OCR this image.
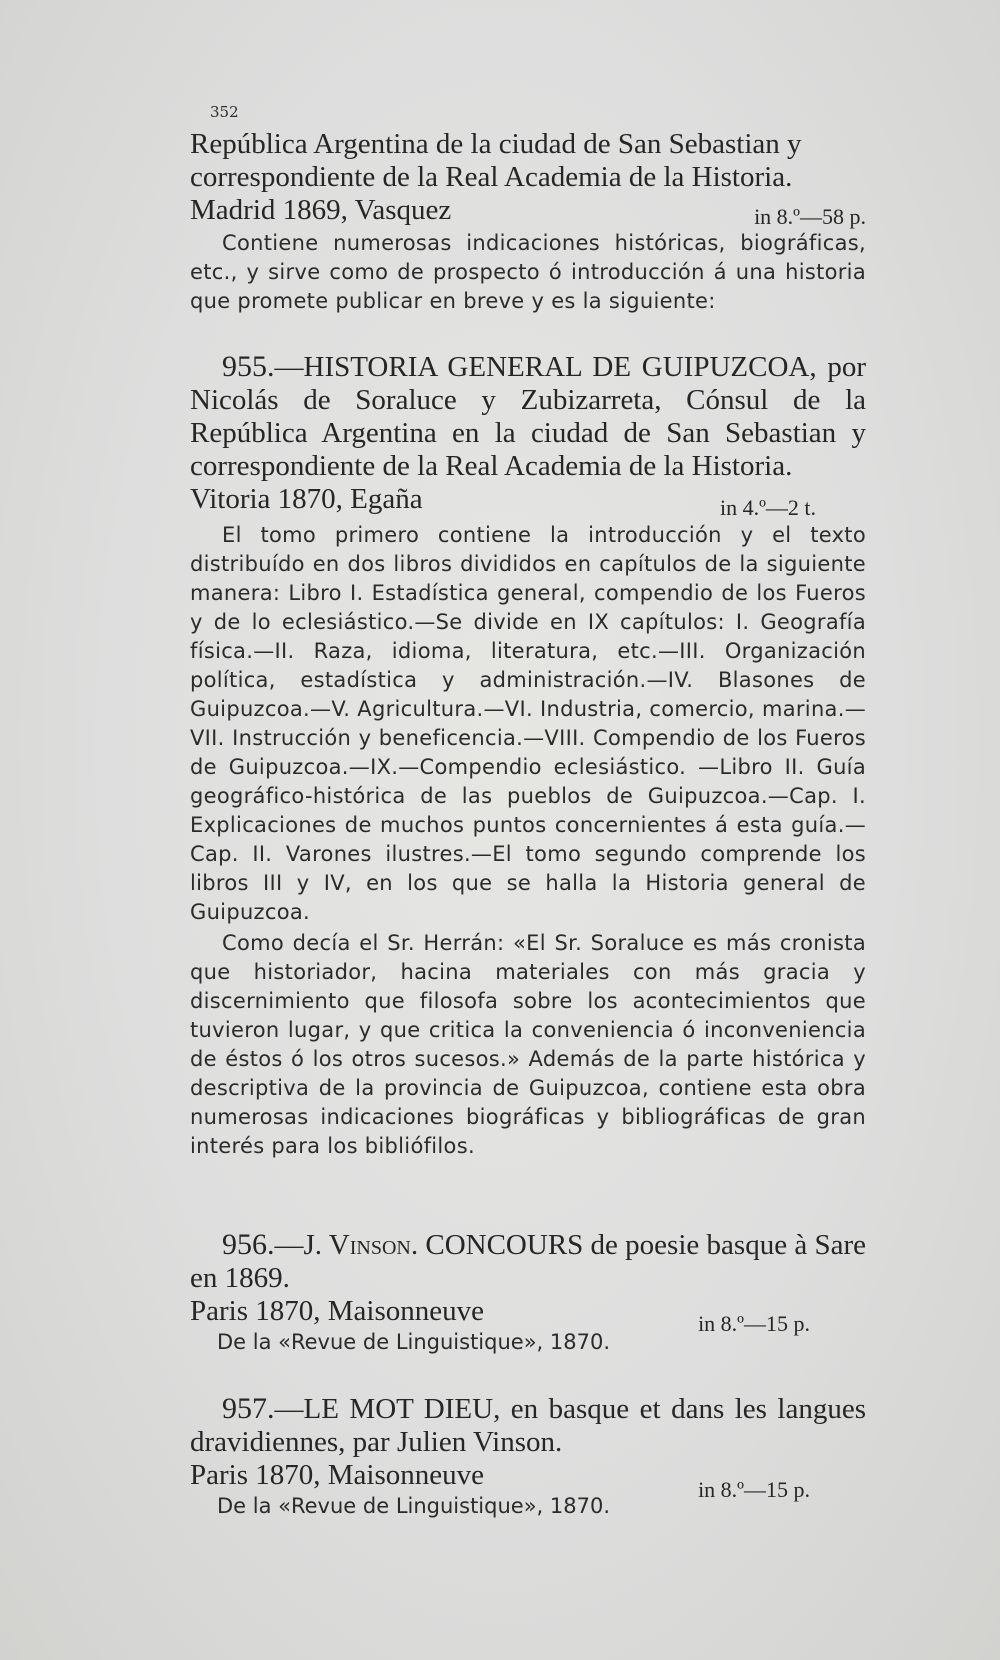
352
República Argentina de la ciudad de San Sebastian y
correspondiente de la Real Academia de la Historia.
Madrid 1869, Vasquez	in 8.º—58 p.
Contiene numerosas indicaciones históricas, biográficas, etc., y sirve como de prospecto ó introducción á una historia que promete publicar en breve y es la siguiente:
955.—HISTORIA GENERAL DE GUIPUZCOA, por Nicolás de Soraluce y Zubizarreta, Cónsul de la República Argentina en la ciudad de San Sebastian y correspondiente de la Real Academia de la Historia.
Vitoria 1870, Egaña	in 4.º—2 t.
El tomo primero contiene la introducción y el texto distribuído en dos libros divididos en capítulos de la siguiente manera: Libro I. Estadística general, compendio de los Fueros y de lo eclesiástico.—Se divide en IX capítulos: I. Geografía física.—II. Raza, idioma, literatura, etc.—III. Organización política, estadística y administración.—IV. Blasones de Guipuzcoa.—V. Agricultura.—VI. Industria, comercio, marina.—VII. Instrucción y beneficencia.—VIII. Compendio de los Fueros de Guipuzcoa.—IX.—Compendio eclesiástico. —Libro II. Guía geográfico-histórica de las pueblos de Guipuzcoa.—Cap. I. Explicaciones de muchos puntos concernientes á esta guía.—Cap. II. Varones ilustres.—El tomo segundo comprende los libros III y IV, en los que se halla la Historia general de Guipuzcoa.
Como decía el Sr. Herrán: «El Sr. Soraluce es más cronista que historiador, hacina materiales con más gracia y discernimiento que filosofa sobre los acontecimientos que tuvieron lugar, y que critica la conveniencia ó inconveniencia de éstos ó los otros sucesos.» Además de la parte histórica y descriptiva de la provincia de Guipuzcoa, contiene esta obra numerosas indicaciones biográficas y bibliográficas de gran interés para los bibliófilos.
956.—J. Vinson. CONCOURS de poesie basque à Sare en 1869.
Paris 1870, Maisonneuve	in 8.º—15 p.
De la «Revue de Linguistique», 1870.
957.—LE MOT DIEU, en basque et dans les langues dravidiennes, par Julien Vinson.
Paris 1870, Maisonneuve	in 8.º—15 p.
De la «Revue de Linguistique», 1870.
